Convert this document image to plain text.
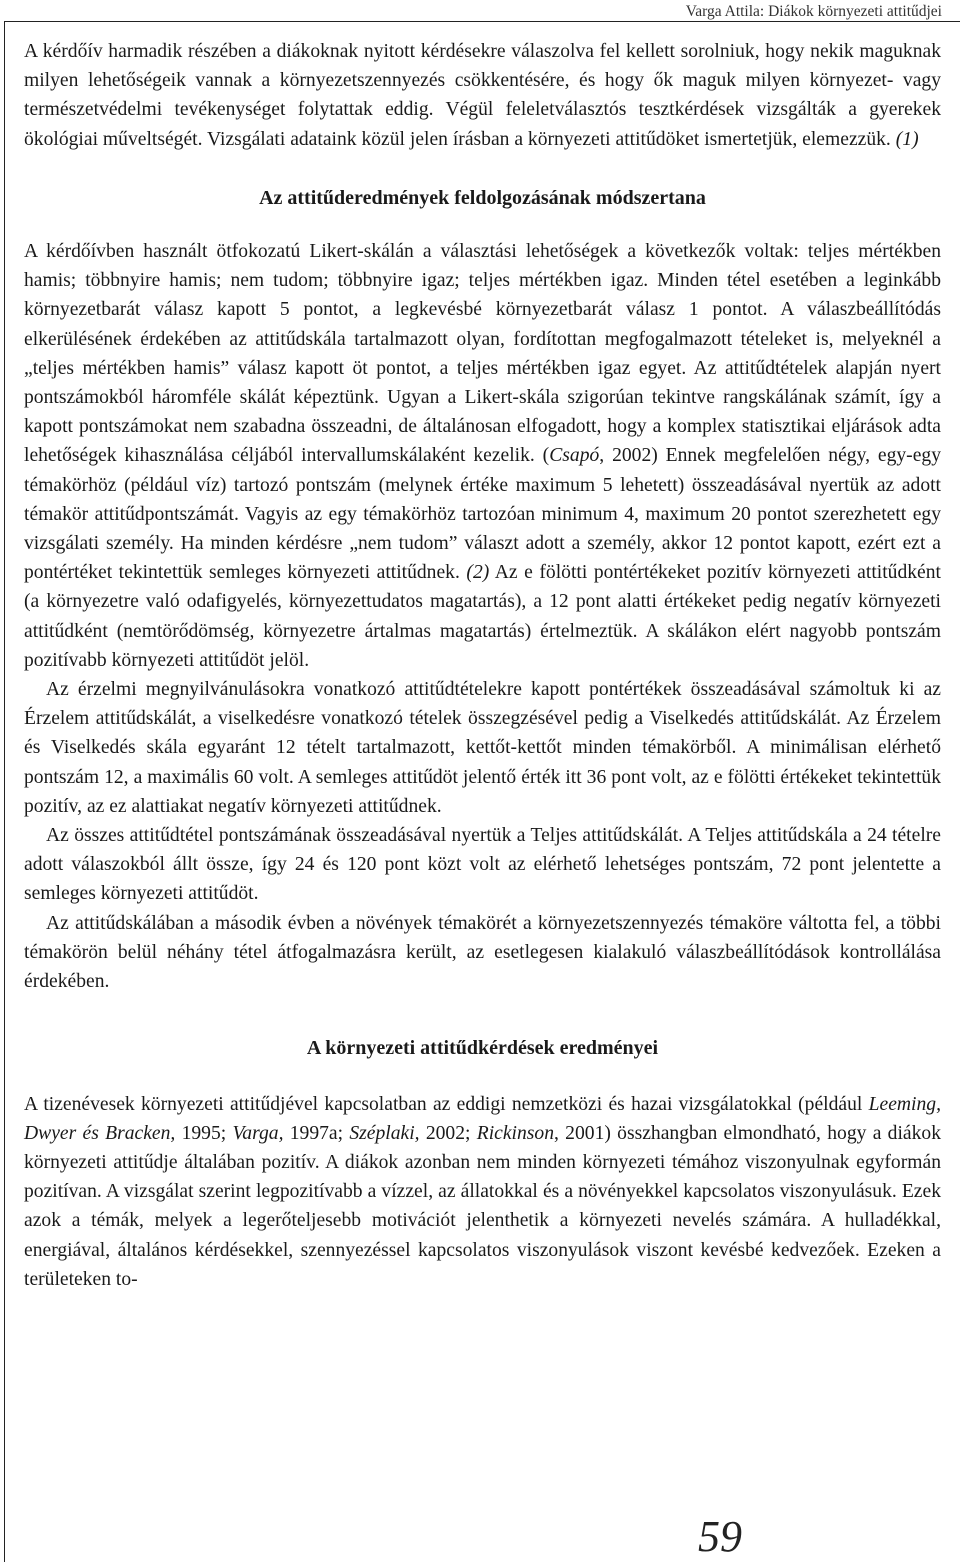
Varga Attila: Diákok környezeti attitűdjei

A kérdőív harmadik részében a diákoknak nyitott kérdésekre válaszolva fel kellett sorolniuk, hogy nekik maguknak milyen lehetőségeik vannak a környezetszennyezés csökkentésére, és hogy ők maguk milyen környezet- vagy természetvédelmi tevékenységet folytattak eddig. Végül feleletválasztós tesztkérdések vizsgálták a gyerekek ökológiai műveltségét. Vizsgálati adataink közül jelen írásban a környezeti attitűdöket ismertetjük, elemezzük. (1)

Az attitűderedmények feldolgozásának módszertana

A kérdőívben használt ötfokozatú Likert-skálán a választási lehetőségek a következők voltak: teljes mértékben hamis; többnyire hamis; nem tudom; többnyire igaz; teljes mértékben igaz. Minden tétel esetében a leginkább környezetbarát válasz kapott 5 pontot, a legkevésbé környezetbarát válasz 1 pontot. A válaszbeállítódás elkerülésének érdekében az attitűdskála tartalmazott olyan, fordítottan megfogalmazott tételeket is, melyeknél a „teljes mértékben hamis” válasz kapott öt pontot, a teljes mértékben igaz egyet. Az attitűdtételek alapján nyert pontszámokból háromféle skálát képeztünk. Ugyan a Likert-skála szigorúan tekintve rangskálának számít, így a kapott pontszámokat nem szabadna összeadni, de általánosan elfogadott, hogy a komplex statisztikai eljárások adta lehetőségek kihasználása céljából intervallumskálaként kezelik. (Csapó, 2002) Ennek megfelelően négy, egy-egy témakörhöz (például víz) tartozó pontszám (melynek értéke maximum 5 lehetett) összeadásával nyertük az adott témakör attitűdpontszámát. Vagyis az egy témakörhöz tartozóan minimum 4, maximum 20 pontot szerezhetett egy vizsgálati személy. Ha minden kérdésre „nem tudom” választ adott a személy, akkor 12 pontot kapott, ezért ezt a pontértéket tekintettük semleges környezeti attitűdnek. (2) Az e fölötti pontértékeket pozitív környezeti attitűdként (a környezetre való odafigyelés, környezettudatos magatartás), a 12 pont alatti értékeket pedig negatív környezeti attitűdként (nemtörődömség, környezetre ártalmas magatartás) értelmeztük. A skálákon elért nagyobb pontszám pozitívabb környezeti attitűdöt jelöl.

Az érzelmi megnyilvánulásokra vonatkozó attitűdtételekre kapott pontértékek összeadásával számoltuk ki az Érzelem attitűdskálát, a viselkedésre vonatkozó tételek összegzésével pedig a Viselkedés attitűdskálát. Az Érzelem és Viselkedés skála egyaránt 12 tételt tartalmazott, kettőt-kettőt minden témakörből. A minimálisan elérhető pontszám 12, a maximális 60 volt. A semleges attitűdöt jelentő érték itt 36 pont volt, az e fölötti értékeket tekintettük pozitív, az ez alattiakat negatív környezeti attitűdnek.

Az összes attitűdtétel pontszámának összeadásával nyertük a Teljes attitűdskálát. A Teljes attitűdskála a 24 tételre adott válaszokból állt össze, így 24 és 120 pont közt volt az elérhető lehetséges pontszám, 72 pont jelentette a semleges környezeti attitűdöt.

Az attitűdskálában a második évben a növények témakörét a környezetszennyezés témaköre váltotta fel, a többi témakörön belül néhány tétel átfogalmazásra került, az esetlegesen kialakuló válaszbeállítódások kontrollálása érdekében.

A környezeti attitűdkérdések eredményei

A tizenévesek környezeti attitűdjével kapcsolatban az eddigi nemzetközi és hazai vizsgálatokkal (például Leeming, Dwyer és Bracken, 1995; Varga, 1997a; Széplaki, 2002; Rickinson, 2001) összhangban elmondható, hogy a diákok környezeti attitűdje általában pozitív. A diákok azonban nem minden környezeti témához viszonyulnak egyformán pozitívan. A vizsgálat szerint legpozitívabb a vízzel, az állatokkal és a növényekkel kapcsolatos viszonyulásuk. Ezek azok a témák, melyek a legerőteljesebb motivációt jelenthetik a környezeti nevelés számára. A hulladékkal, energiával, általános kérdésekkel, szennyezéssel kapcsolatos viszonyulások viszont kevésbé kedvezőek. Ezeken a területeken to-

59
